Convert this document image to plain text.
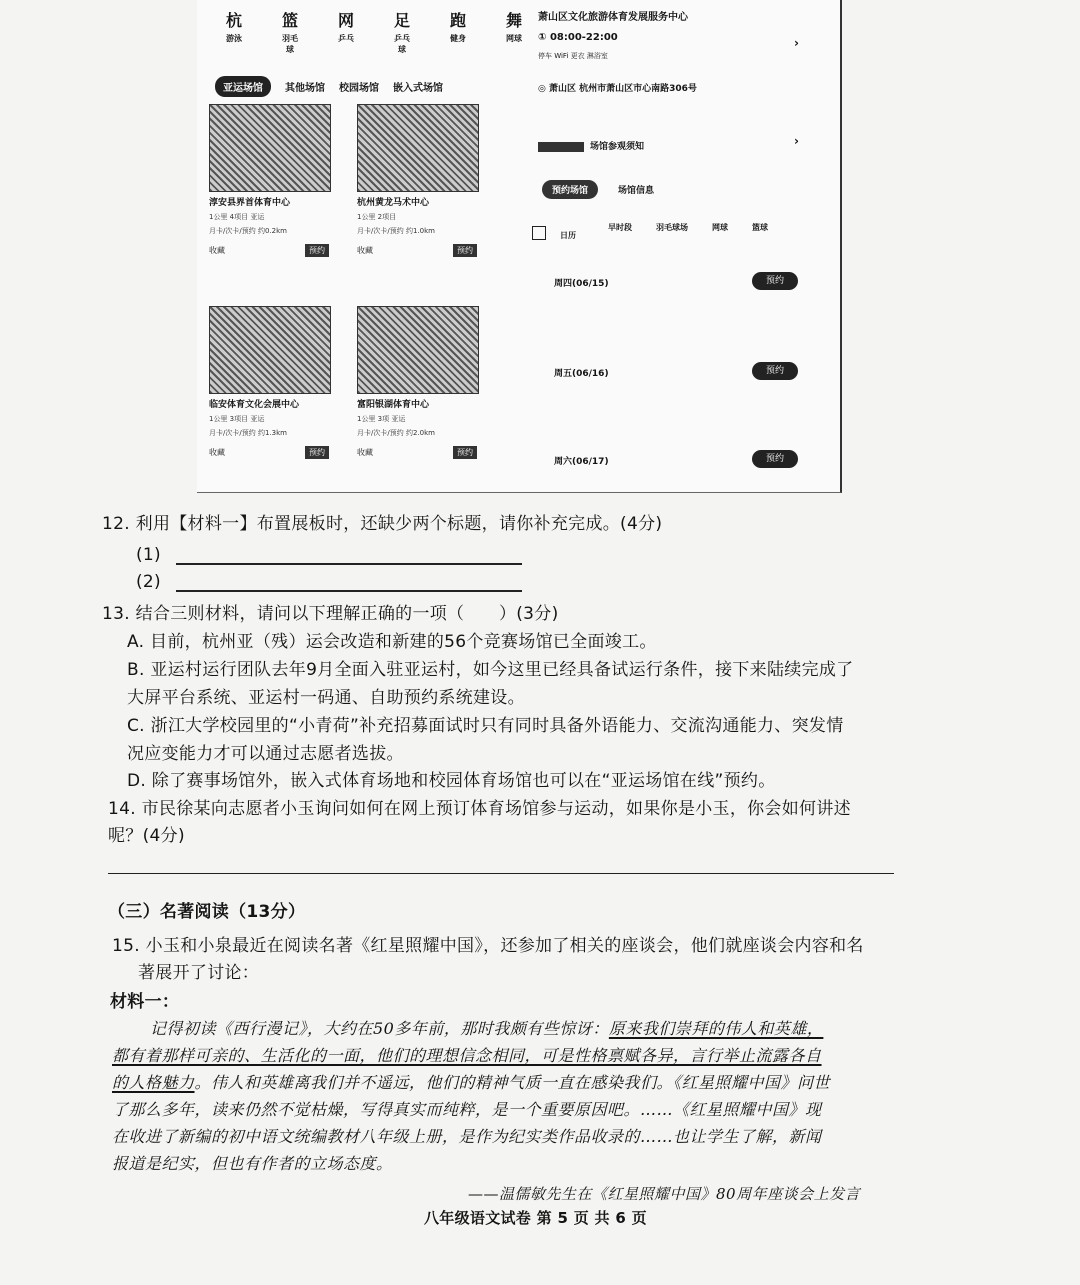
杭
游泳
篮
羽毛球
网
乒乓
足
乒乓球
跑
健身
舞
网球
亚运场馆	其他场馆 校园场馆 嵌入式场馆
淳安县界首体育中心
1公里 4项目 亚运
月卡/次卡/预约 约0.2km
收藏	预约
杭州黄龙马术中心
1公里 2项目
月卡/次卡/预约 约1.0km
收藏	预约
临安体育文化会展中心
1公里 3项目 亚运
月卡/次卡/预约 约1.3km
收藏	预约
富阳银湖体育中心
1公里 3项 亚运
月卡/次卡/预约 约2.0km
收藏	预约
萧山区文化旅游体育发展服务中心
① 08:00-22:00
停车 WiFi 更衣 淋浴室
›
◎ 萧山区 杭州市萧山区市心南路306号
场馆参观须知	›
预约场馆	场馆信息
日历
早时段	羽毛球场	网球	篮球
周四(06/15)	预约
周五(06/16)	预约
周六(06/17)	预约
12. 利用【材料一】布置展板时，还缺少两个标题，请你补充完成。(4分)
(1)
(2)
13. 结合三则材料，请问以下理解正确的一项（　　）(3分)
A. 目前，杭州亚（残）运会改造和新建的56个竞赛场馆已全面竣工。
B. 亚运村运行团队去年9月全面入驻亚运村，如今这里已经具备试运行条件，接下来陆续完成了
大屏平台系统、亚运村一码通、自助预约系统建设。
C. 浙江大学校园里的“小青荷”补充招募面试时只有同时具备外语能力、交流沟通能力、突发情
况应变能力才可以通过志愿者选拔。
D. 除了赛事场馆外，嵌入式体育场地和校园体育场馆也可以在“亚运场馆在线”预约。
14. 市民徐某向志愿者小玉询问如何在网上预订体育场馆参与运动，如果你是小玉，你会如何讲述
呢？(4分)
（三）名著阅读（13分）
15. 小玉和小泉最近在阅读名著《红星照耀中国》，还参加了相关的座谈会，他们就座谈会内容和名
著展开了讨论：
材料一：
记得初读《西行漫记》，大约在50多年前，那时我颇有些惊讶：原来我们崇拜的伟人和英雄，
都有着那样可亲的、生活化的一面，他们的理想信念相同，可是性格禀赋各异，言行举止流露各自
的人格魅力。伟人和英雄离我们并不遥远，他们的精神气质一直在感染我们。《红星照耀中国》问世
了那么多年，读来仍然不觉枯燥，写得真实而纯粹，是一个重要原因吧。……《红星照耀中国》现
在收进了新编的初中语文统编教材八年级上册，是作为纪实类作品收录的……也让学生了解，新闻
报道是纪实，但也有作者的立场态度。
——温儒敏先生在《红星照耀中国》80周年座谈会上发言
八年级语文试卷 第 5 页 共 6 页
